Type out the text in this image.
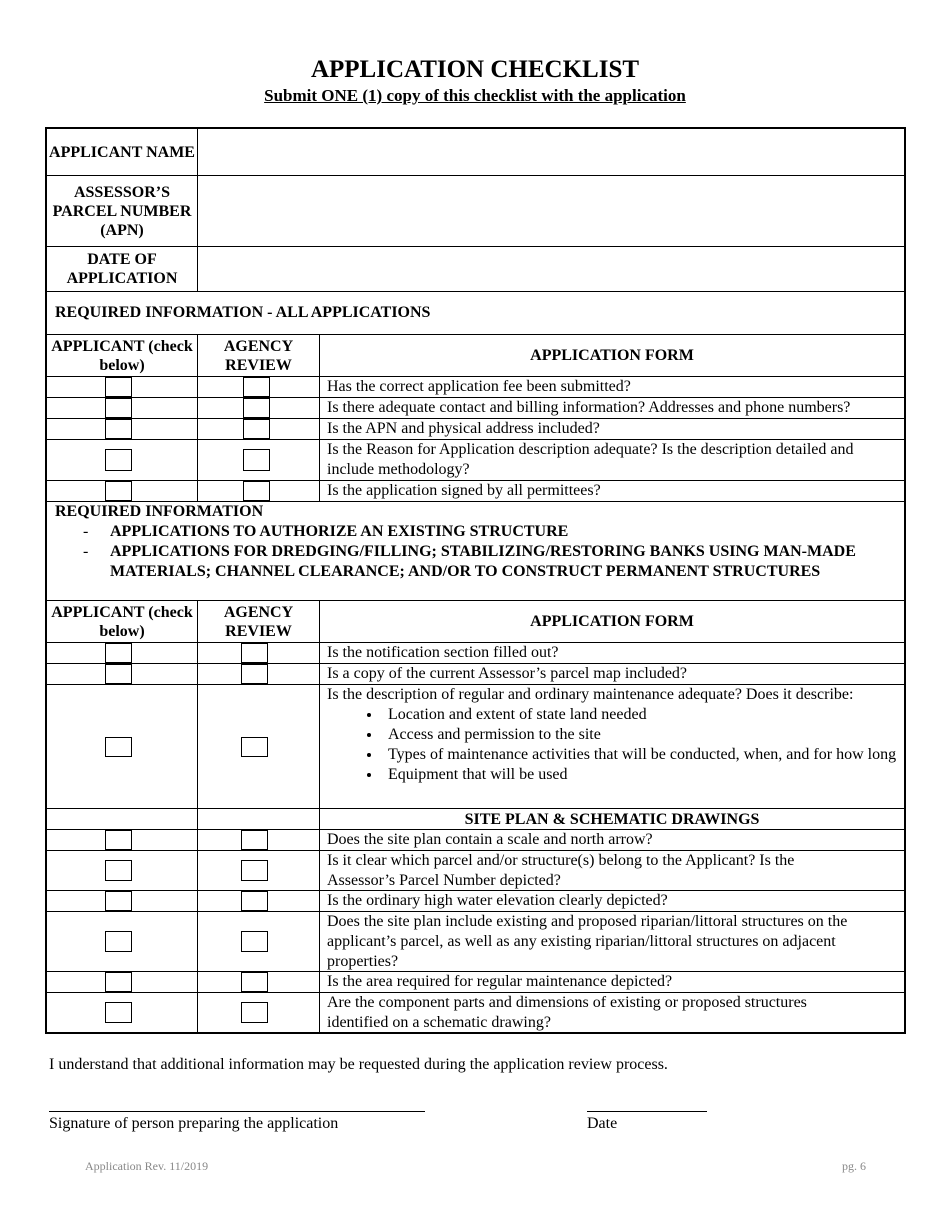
APPLICATION CHECKLIST
Submit ONE (1) copy of this checklist with the application
APPLICANT NAME
ASSESSOR’S PARCEL NUMBER (APN)
DATE OF APPLICATION
REQUIRED INFORMATION - ALL APPLICATIONS
APPLICANT (check below)
AGENCY REVIEW
APPLICATION FORM
Has the correct application fee been submitted?
Is there adequate contact and billing information? Addresses and phone numbers?
Is the APN and physical address included?
Is the Reason for Application description adequate? Is the description detailed and include methodology?
Is the application signed by all permittees?
REQUIRED INFORMATION
- APPLICATIONS TO AUTHORIZE AN EXISTING STRUCTURE
- APPLICATIONS FOR DREDGING/FILLING; STABILIZING/RESTORING BANKS USING MAN-MADE MATERIALS; CHANNEL CLEARANCE; AND/OR TO CONSTRUCT PERMANENT STRUCTURES
APPLICANT (check below)
AGENCY REVIEW
APPLICATION FORM
Is the notification section filled out?
Is a copy of the current Assessor’s parcel map included?
Is the description of regular and ordinary maintenance adequate? Does it describe:
• Location and extent of state land needed
• Access and permission to the site
• Types of maintenance activities that will be conducted, when, and for how long
• Equipment that will be used
SITE PLAN & SCHEMATIC DRAWINGS
Does the site plan contain a scale and north arrow?
Is it clear which parcel and/or structure(s) belong to the Applicant? Is the Assessor’s Parcel Number depicted?
Is the ordinary high water elevation clearly depicted?
Does the site plan include existing and proposed riparian/littoral structures on the applicant’s parcel, as well as any existing riparian/littoral structures on adjacent properties?
Is the area required for regular maintenance depicted?
Are the component parts and dimensions of existing or proposed structures identified on a schematic drawing?
I understand that additional information may be requested during the application review process.
Signature of person preparing the application	Date
Application Rev. 11/2019	pg. 6
